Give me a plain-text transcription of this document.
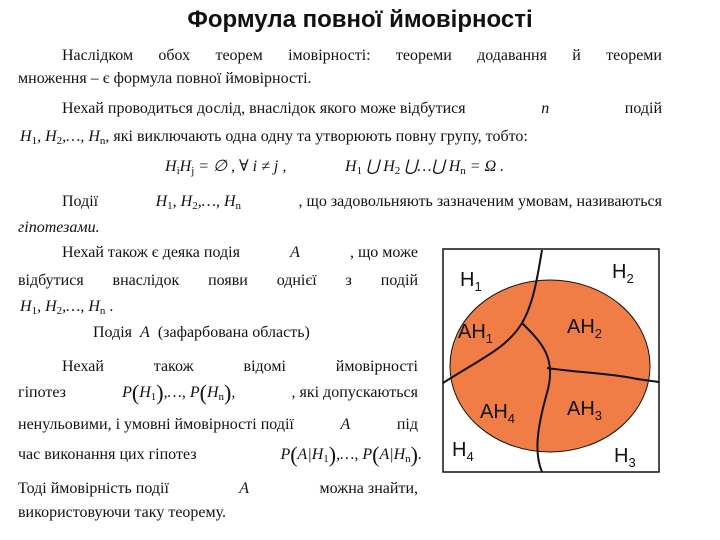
Формула повної ймовірності
Наслідком обох теорем імовірності: теореми додавання й теореми
множення – є формула повної ймовірності.
Нехай проводиться дослід, внаслідок якого може відбутися	n	подій
$H_1$, $H_2,\dots$, $H_n$, які виключають одна одну та утворюють повну групу, тобто:
$H_iH_j$ = ∅ , ∀ i ≠ j ,	$H_1$ ⋃ $H_2$ ⋃…⋃ $H_n = \Omega$ .
Події	$H_1$, $H_2,\dots$, $H_n$	, що задовольняють зазначеним умовам, називаються
гіпотезами.
Нехай також є деяка подія	A	, що може
відбутися внаслідок появи однієї з подій
$H_1$, $H_2,\dots$, $H_n$ .
Подія A (зафарбована область)
Нехай також відомі ймовірності
гіпотез	$P(H_1),\dots$, $P(H_n)$,	, які допускаються
ненульовими, і умовні ймовірності події	A	під
час виконання цих гіпотез	$P(A|H_1),\dots$, $P(A|H_n)$.
Тоді ймовірність події	A	можна знайти,
використовуючи таку теорему.
$H_1$
$H_2$
$H_4$	$H_3$
$AH_1$
$AH_2$
$AH_3$
$AH_4$
